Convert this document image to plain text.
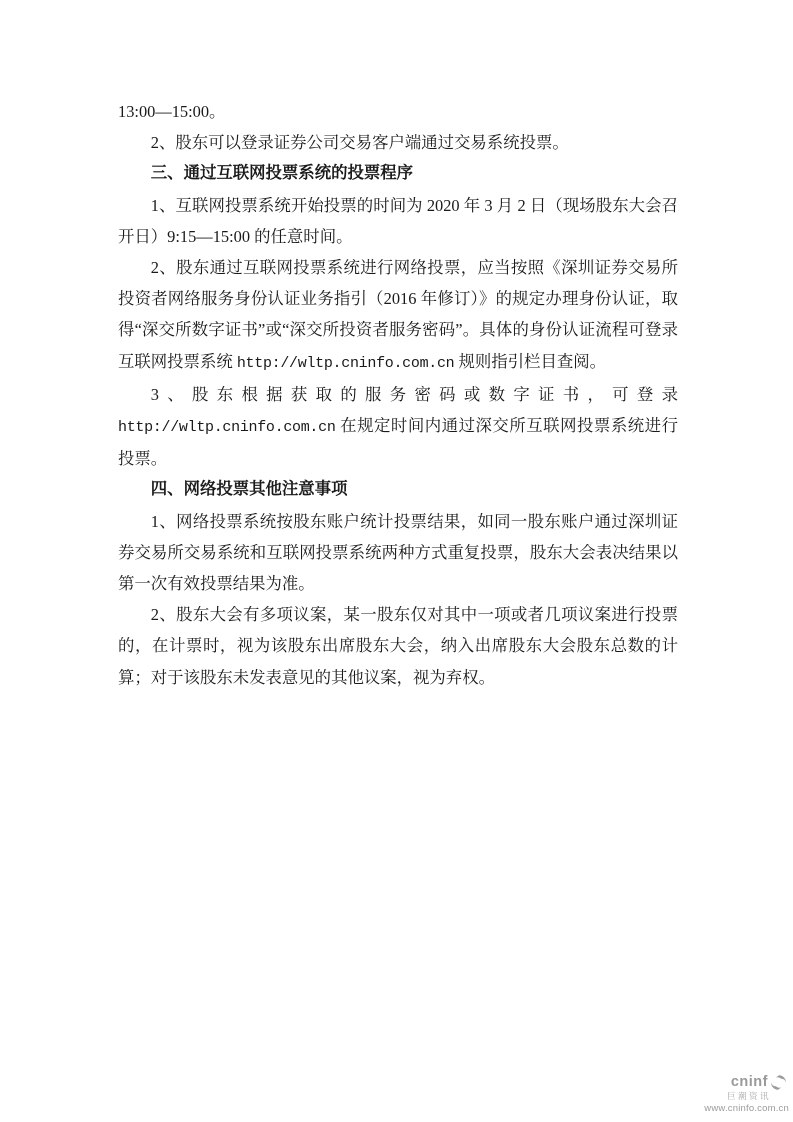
13:00—15:00。

2、股东可以登录证券公司交易客户端通过交易系统投票。

三、通过互联网投票系统的投票程序

1、互联网投票系统开始投票的时间为 2020 年 3 月 2 日（现场股东大会召开日）9:15—15:00 的任意时间。

2、股东通过互联网投票系统进行网络投票，应当按照《深圳证券交易所投资者网络服务身份认证业务指引（2016 年修订）》的规定办理身份认证，取得“深交所数字证书”或“深交所投资者服务密码”。具体的身份认证流程可登录互联网投票系统 http://wltp.cninfo.com.cn 规则指引栏目查阅。

3、股东根据获取的服务密码或数字证书，可登录 http://wltp.cninfo.com.cn 在规定时间内通过深交所互联网投票系统进行投票。

四、网络投票其他注意事项

1、网络投票系统按股东账户统计投票结果，如同一股东账户通过深圳证券交易所交易系统和互联网投票系统两种方式重复投票，股东大会表决结果以第一次有效投票结果为准。

2、股东大会有多项议案，某一股东仅对其中一项或者几项议案进行投票的，在计票时，视为该股东出席股东大会，纳入出席股东大会股东总数的计算；对于该股东未发表意见的其他议案，视为弃权。

cninf
巨潮资讯
www.cninfo.com.cn
